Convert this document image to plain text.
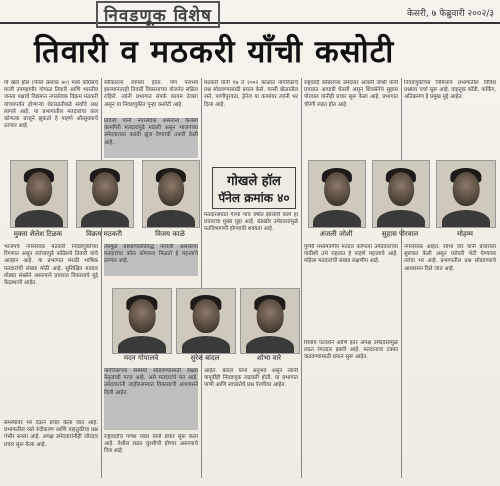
निवडणूक विशेष	केसरी, ७ फेब्रुवारी २००२/३
तिवारी व मठकरी याँची कसोटी
गो खले हॉल (पॅनेल क्रमांक ४०) मध्ये कॉंग्रेसचे माजी उपमहापौर गोपाळ तिवारी आणि भारतीय जनता पक्षाचे विद्यमान नगरसेवक विक्रम मठकरी यांच्यापर्यंत होणाऱ्या थेटलढतीकडे सर्वांचे लक्ष लागले आहे. या प्रभागातील मतदारांचा कल कोणत्या बाजूने झुकतो हे पाहणे औत्सुक्याचे ठरणार आहे.
स्वीकारला लागला होता. पण पराभव झाल्यानंतरही तिवारी विकासाच्या योजनेत सक्रिय राहिले. त्यांनी प्रभागात संपर्क कायम ठेवला असून या निवडणुकीत पुन्हा कसोटी आहे.
तिवारी यांनी नगरसेवक असताना केलेली कामगिरी मतदारांपुढे मांडली असून भाजपच्या उमेदवाराला कडवी झुंज देण्याची तयारी केली आहे.
मठकरी यांनी १७ ते २००२ काळात नागरिकांचे प्रश्न सोडवण्यासाठी प्रयत्न केले. गल्ली बोळातील रस्ते, पाणीपुरवठा, ड्रेनेज या कामांवर त्यांनी भर दिला आहे.
राष्ट्रवादी कॉंग्रेसच्या उमेदवार अंजली जोशी यांनी प्रचारात आघाडी घेतली असून शिवसेनेचे सुहास पोरवाल यांनीही प्रचार सुरू केला आहे. प्रभागात चौरंगी लढत होत आहे.
निवडणुकीच्या निमित्ताने प्रभागातील विविध प्रश्नांवर चर्चा सुरू आहे. वाहतूक कोंडी, पार्किंग, अतिक्रमण हे प्रमुख मुद्दे आहेत.
मुक्ता शैलेश टिळक	विक्रम मठकरी	विजय काळे
गोखले हॉल
पॅनेल क्रमांक ४०
अंजली जोशी	सुहास पोरवाल	मोहम्म
भाजपचे नगरसेवक मठकरी निवडणुकीच्या रिंगणात असून त्यांच्यापुढे कॉंग्रेसचे तिवारी यांचे आव्हान आहे. या प्रभागात मराठी भाषिक मतदारांची संख्या मोठी आहे. सुशिक्षित मतदार मोठ्या संख्येने असल्याने प्रचारात विकासाचे मुद्दे केंद्रस्थानी आहेत.
त्यामुळे प्रस्थापितांविरुद्ध नाराजी असलेल्या मतदारांचा कौल कोणाला मिळतो हे महत्त्वाचे ठरणार आहे.
मतदारसंघात गेल्या पाच वर्षांत झालेली कामे हा प्रचाराचा मुख्य मुद्दा आहे. बंडखोर उमेदवारांमुळे मतविभागणी होण्याची शक्यता आहे.
पुणेरी मध्यमवर्गीय मतदार कोणत्या उमेदवाराच्या पाठीशी उभे राहतात हे पाहणे महत्त्वाचे आहे. महिला मतदारांची संख्या लक्षणीय आहे.
नगरसेवक आहेत. सोभा वारे यांनी प्रचाराला सुरुवात केली असून घरोघरी भेटी घेण्यावर त्यांचा भर आहे. प्रभागातील प्रश्न सोडवण्याचे आश्वासन दिले जात आहे.
मदन गोपालवे	सुरेश बांदल	शोभा वारे
समस्यांवर भर देऊन प्रचार केला जात आहे. प्रभागातील रस्ते रुंदीकरण आणि वाहतुकीचा प्रश्न गंभीर बनला आहे. अपक्ष उमेदवारांनीही जोरदार प्रचार सुरू केला आहे.
नागरिकांच्या समस्या सोडवण्यासाठी सक्षम नेतृत्वाची गरज आहे, असे मतदारांचे मत आहे. उमेदवारांनी जाहीरनाम्यात विकासाची आश्वासने दिली आहेत.
आहेत. बांदल यांना अनुभव असून त्यांनी यापूर्वीही निवडणूक लढवली होती. या प्रभागात पाणी आणि स्वच्छतेचे प्रश्न ऐरणीवर आहेत.
शिवाय पटवर्धन आणि इतर अपक्ष उमेदवारांमुळे लढत रंगतदार झाली आहे. मतदानाचा टक्का वाढवण्यासाठी प्रयत्न सुरू आहेत.
राष्ट्रवादीचे गणेश पवार यांनी प्रचार सुरू केला आहे. येथील लढत चुरशीची होणार असल्याचे चित्र आहे.
